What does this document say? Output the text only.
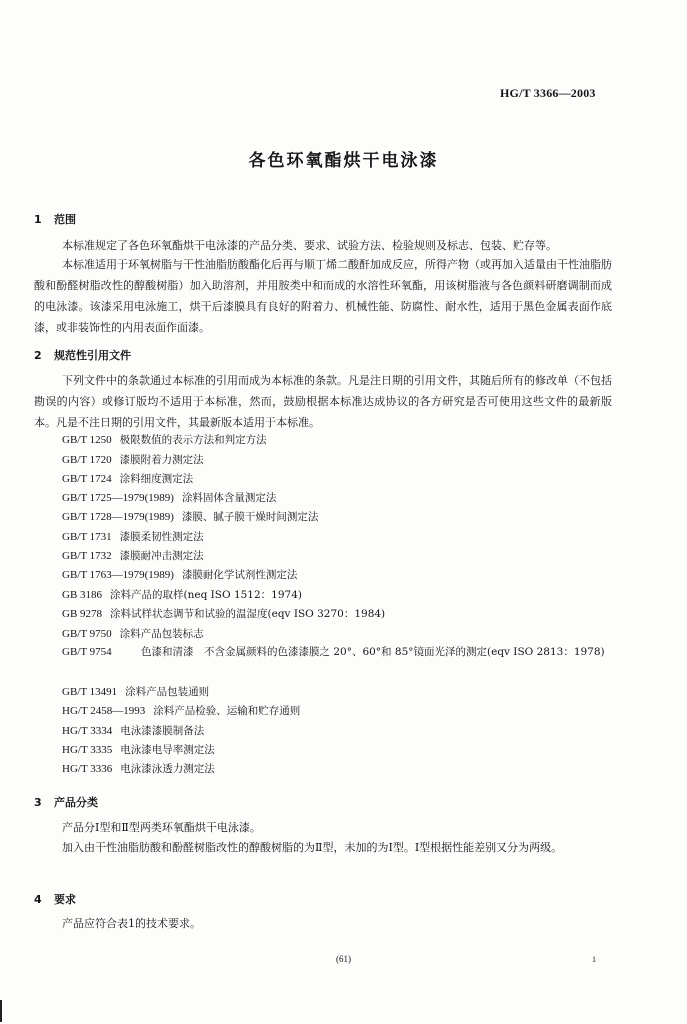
HG/T 3366—2003
各色环氧酯烘干电泳漆
1 范围
本标准规定了各色环氧酯烘干电泳漆的产品分类、要求、试验方法、检验规则及标志、包装、贮存等。
本标准适用于环氧树脂与干性油脂肪酸酯化后再与顺丁烯二酸酐加成反应，所得产物（或再加入适量由干性油脂肪酸和酚醛树脂改性的醇酸树脂）加入助溶剂，并用胺类中和而成的水溶性环氧酯，用该树脂液与各色颜料研磨调制而成的电泳漆。该漆采用电泳施工，烘干后漆膜具有良好的附着力、机械性能、防腐性、耐水性，适用于黑色金属表面作底漆，或非装饰性的内用表面作面漆。
2 规范性引用文件
下列文件中的条款通过本标准的引用而成为本标准的条款。凡是注日期的引用文件，其随后所有的修改单（不包括勘误的内容）或修订版均不适用于本标准，然而，鼓励根据本标准达成协议的各方研究是否可使用这些文件的最新版本。凡是不注日期的引用文件，其最新版本适用于本标准。
GB/T 1250 极限数值的表示方法和判定方法
GB/T 1720 漆膜附着力测定法
GB/T 1724 涂料细度测定法
GB/T 1725—1979(1989) 涂料固体含量测定法
GB/T 1728—1979(1989) 漆膜、腻子膜干燥时间测定法
GB/T 1731 漆膜柔韧性测定法
GB/T 1732 漆膜耐冲击测定法
GB/T 1763—1979(1989) 漆膜耐化学试剂性测定法
GB 3186 涂料产品的取样(neq ISO 1512：1974)
GB 9278 涂料试样状态调节和试验的温湿度(eqv ISO 3270：1984)
GB/T 9750 涂料产品包装标志
GB/T 9754	色漆和清漆　不含金属颜料的色漆漆膜之 20°、60°和 85°镜面光泽的测定(eqv ISO 2813：1978)
GB/T 13491 涂料产品包装通则
HG/T 2458—1993 涂料产品检验、运输和贮存通则
HG/T 3334 电泳漆漆膜制备法
HG/T 3335 电泳漆电导率测定法
HG/T 3336 电泳漆泳透力测定法
3 产品分类
产品分Ⅰ型和Ⅱ型两类环氧酯烘干电泳漆。
加入由干性油脂肪酸和酚醛树脂改性的醇酸树脂的为Ⅱ型，未加的为Ⅰ型。Ⅰ型根据性能差别又分为两级。
4 要求
产品应符合表1的技术要求。
(61)	1
